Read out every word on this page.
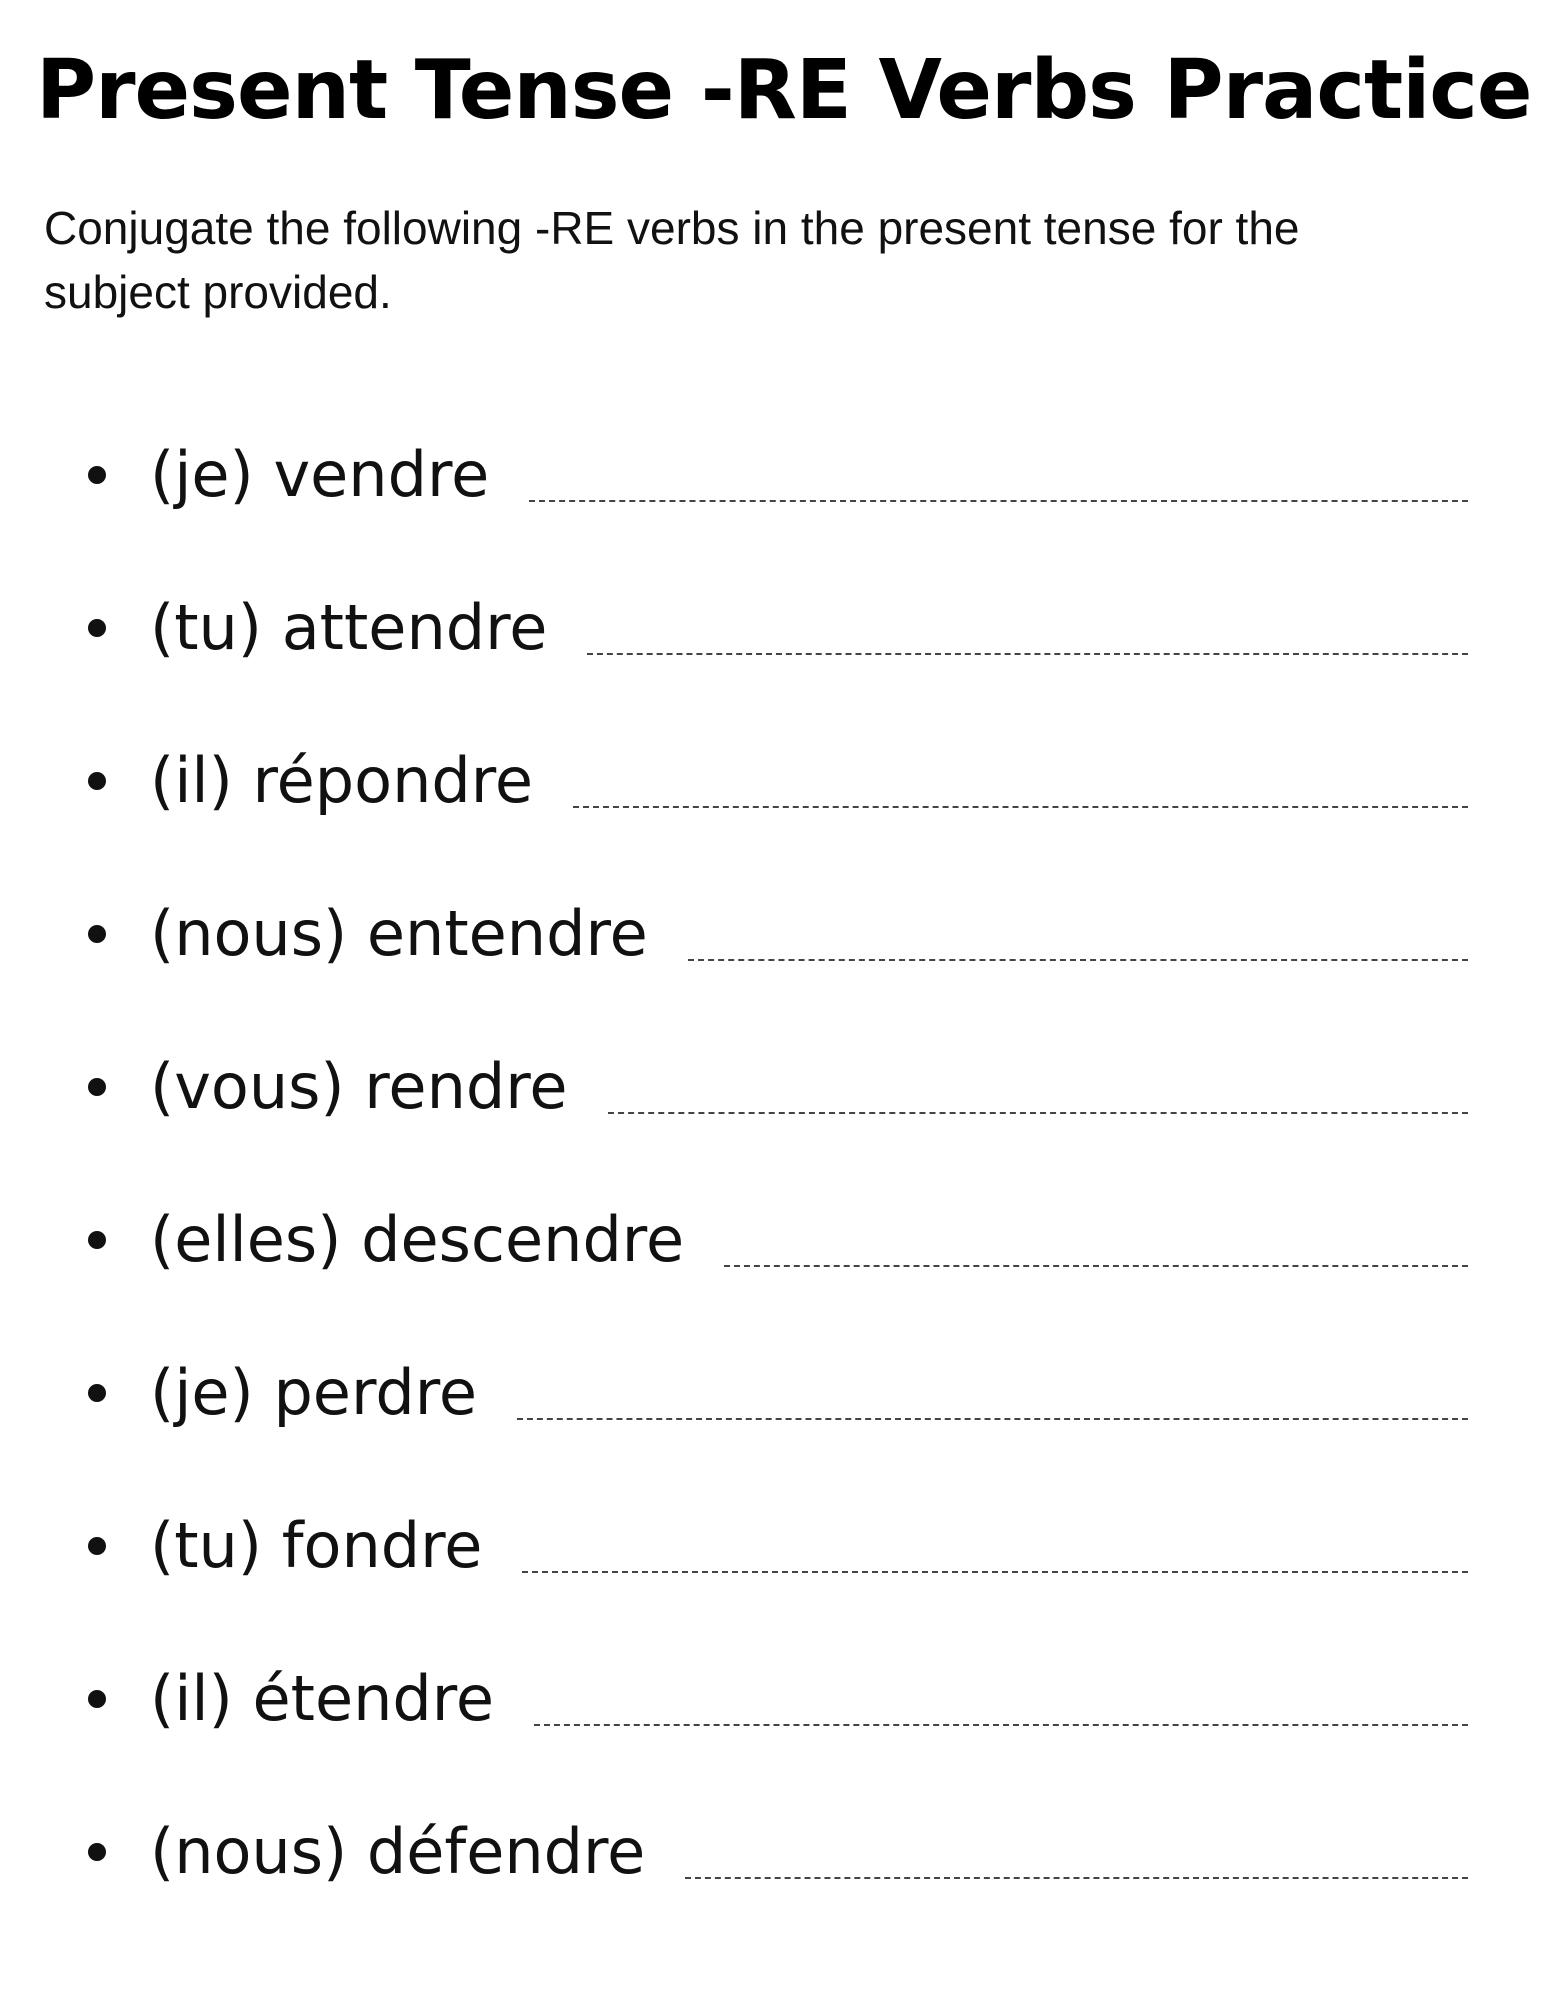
Present Tense -RE Verbs Practice

Conjugate the following -RE verbs in the present tense for the subject provided.

(je) vendre
(tu) attendre
(il) répondre
(nous) entendre
(vous) rendre
(elles) descendre
(je) perdre
(tu) fondre
(il) étendre
(nous) défendre
